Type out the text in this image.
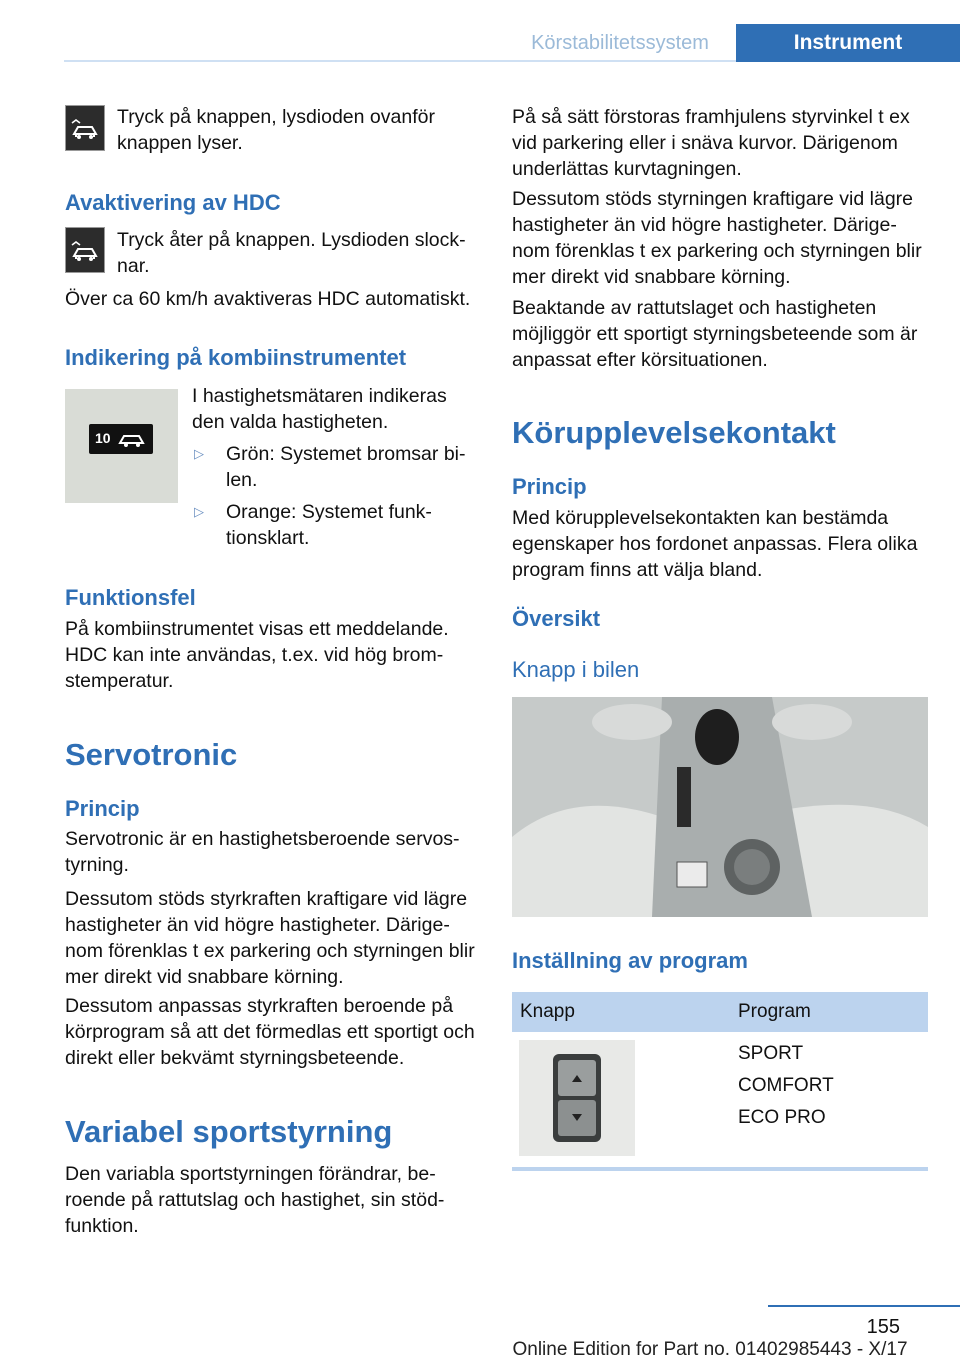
Körstabilitetssystem	Instrument

Tryck på knappen, lysdioden ovanför knappen lyser.

Avaktivering av HDC

Tryck åter på knappen. Lysdioden slock‐nar.

Över ca 60 km/h avaktiveras HDC automatiskt.

Indikering på kombiinstrumentet
10

I hastighetsmätaren indikeras den valda hastigheten.

▷ Grön: Systemet bromsar bi‐len.

▷ Orange: Systemet funk‐tionsklart.

Funktionsfel

På kombiinstrumentet visas ett meddelande. HDC kan inte användas, t.ex. vid hög brom‐stemperatur.

Servotronic
Princip

Servotronic är en hastighetsberoende servos‐tyrning.

Dessutom stöds styrkraften kraftigare vid lägre hastigheter än vid högre hastigheter. Därige‐nom förenklas t ex parkering och styrningen blir mer direkt vid snabbare körning.

Dessutom anpassas styrkraften beroende på körprogram så att det förmedlas ett sportigt och direkt eller bekvämt styrningsbeteende.

Variabel sportstyrning

Den variabla sportstyrningen förändrar, be‐roende på rattutslag och hastighet, sin stöd‐funktion.

På så sätt förstoras framhjulens styrvinkel t ex vid parkering eller i snäva kurvor. Därigenom underlättas kurvtagningen.

Dessutom stöds styrningen kraftigare vid lägre hastigheter än vid högre hastigheter. Därige‐nom förenklas t ex parkering och styrningen blir mer direkt vid snabbare körning.

Beaktande av rattutslaget och hastigheten möjliggör ett sportigt styrningsbeteende som är anpassat efter körsituationen.

Körupplevelsekontakt
Princip

Med körupplevelsekontakten kan bestämda egenskaper hos fordonet anpassas. Flera olika program finns att välja bland.

Översikt
Knapp i bilen
Inställning av program
Knapp	Program
SPORT
COMFORT
ECO PRO
155
Online Edition for Part no. 01402985443 - X/17
